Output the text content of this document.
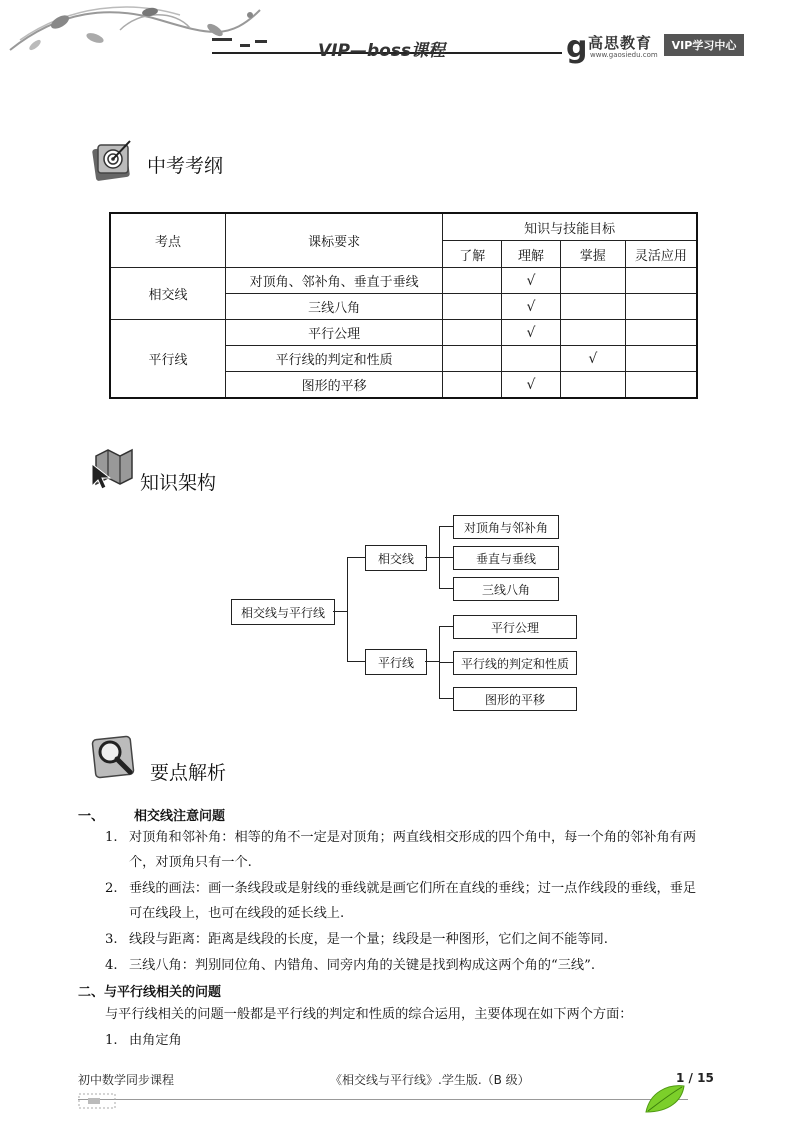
VIP—boss课程	g 高思教育
www.gaosiedu.com
VIP学习中心
中考考纲
考点	课标要求	知识与技能目标			
		了解	理解	掌握	灵活应用
相交线	对顶角、邻补角、垂直于垂线		√		
	三线八角		√		
平行线	平行公理		√		
	平行线的判定和性质			√	
	图形的平移		√		
知识架构
相交线与平行线
相交线
对顶角与邻补角
垂直与垂线
三线八角
平行线
平行公理
平行线的判定和性质
图形的平移
要点解析
一、 相交线注意问题
1. 对顶角和邻补角：相等的角不一定是对顶角；两直线相交形成的四个角中，每一个角的邻补角有两
个，对顶角只有一个.
2. 垂线的画法：画一条线段或是射线的垂线就是画它们所在直线的垂线；过一点作线段的垂线，垂足
可在线段上，也可在线段的延长线上.
3. 线段与距离：距离是线段的长度，是一个量；线段是一种图形，它们之间不能等同.
4. 三线八角：判别同位角、内错角、同旁内角的关键是找到构成这两个角的“三线”.
二、与平行线相关的问题
与平行线相关的问题一般都是平行线的判定和性质的综合运用，主要体现在如下两个方面：
1. 由角定角
初中数学同步课程	《相交线与平行线》.学生版.（B 级）	1 / 15
